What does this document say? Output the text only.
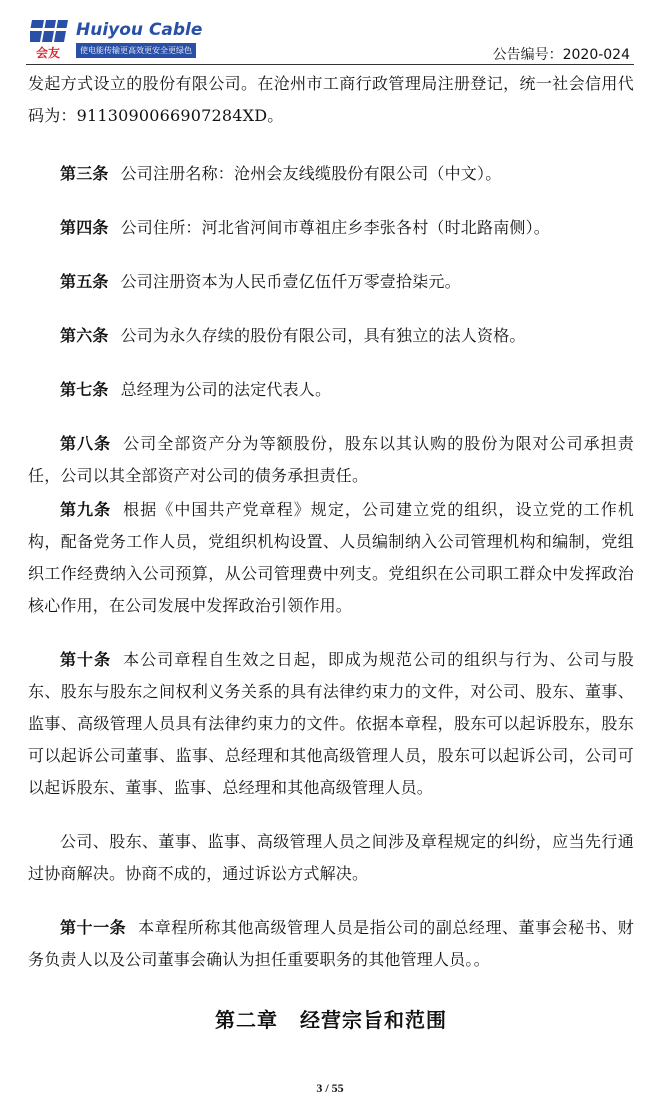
会友
Huiyou Cable
使电能传输更高效更安全更绿色	公告编号：2020-024

发起方式设立的股份有限公司。在沧州市工商行政管理局注册登记，统一社会信用代码为：9113090066907284XD。

第三条 公司注册名称：沧州会友线缆股份有限公司（中文）。

第四条 公司住所：河北省河间市尊祖庄乡李张各村（时北路南侧）。

第五条 公司注册资本为人民币壹亿伍仟万零壹拾柒元。

第六条 公司为永久存续的股份有限公司，具有独立的法人资格。

第七条 总经理为公司的法定代表人。

第八条 公司全部资产分为等额股份，股东以其认购的股份为限对公司承担责任，公司以其全部资产对公司的债务承担责任。

第九条 根据《中国共产党章程》规定，公司建立党的组织，设立党的工作机构，配备党务工作人员，党组织机构设置、人员编制纳入公司管理机构和编制，党组织工作经费纳入公司预算，从公司管理费中列支。党组织在公司职工群众中发挥政治核心作用，在公司发展中发挥政治引领作用。

第十条 本公司章程自生效之日起，即成为规范公司的组织与行为、公司与股东、股东与股东之间权利义务关系的具有法律约束力的文件，对公司、股东、董事、监事、高级管理人员具有法律约束力的文件。依据本章程，股东可以起诉股东，股东可以起诉公司董事、监事、总经理和其他高级管理人员，股东可以起诉公司，公司可以起诉股东、董事、监事、总经理和其他高级管理人员。

公司、股东、董事、监事、高级管理人员之间涉及章程规定的纠纷，应当先行通过协商解决。协商不成的，通过诉讼方式解决。

第十一条 本章程所称其他高级管理人员是指公司的副总经理、董事会秘书、财务负责人以及公司董事会确认为担任重要职务的其他管理人员。。

第二章 经营宗旨和范围

3 / 55
